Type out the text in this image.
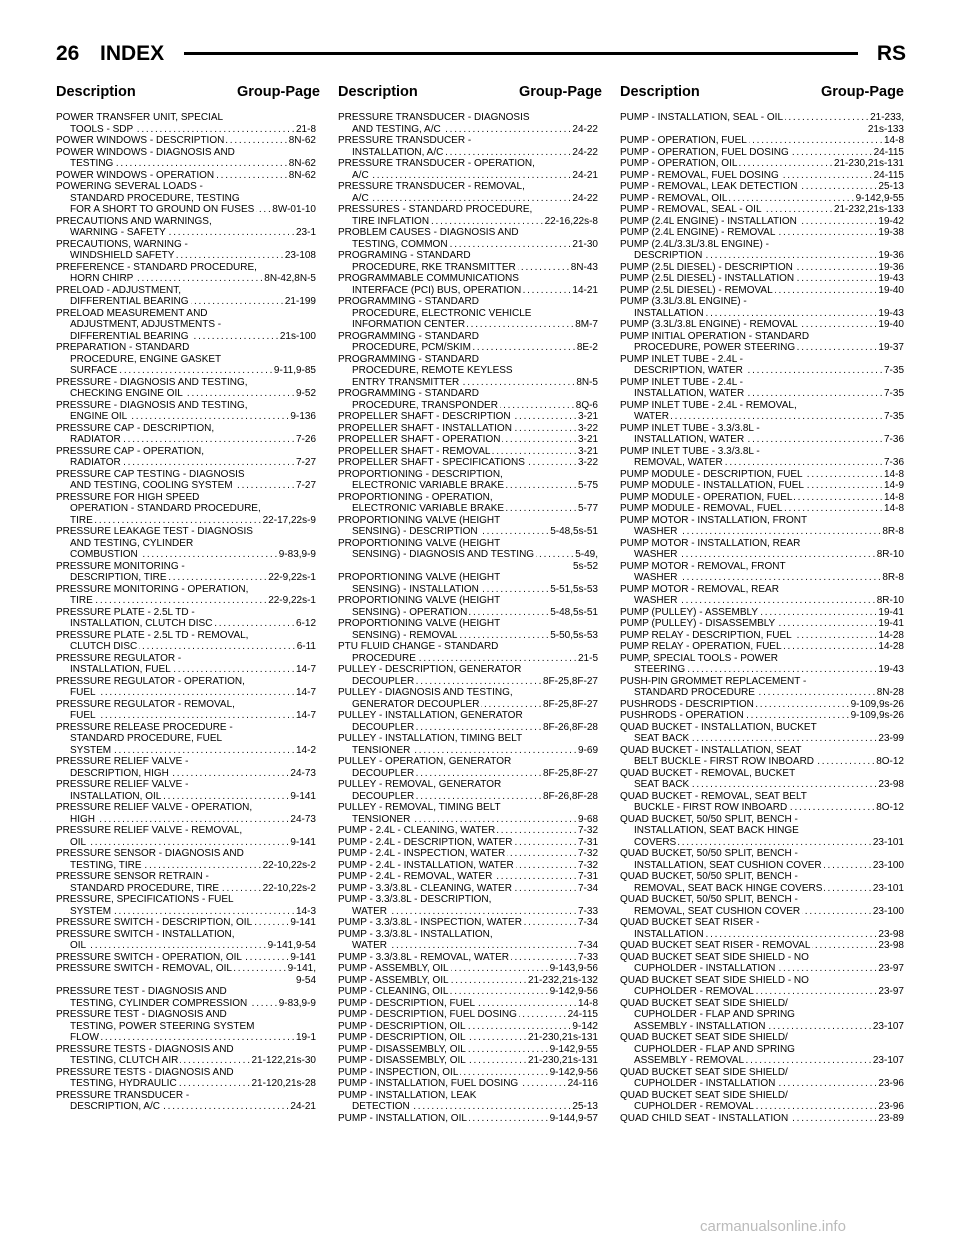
26 INDEX	RS
Description	Group-Page Description	Group-Page Description	Group-Page
POWER TRANSFER UNIT, SPECIAL
TOOLS - SDP . . .	21-8
POWER WINDOWS - DESCRIPTION . . .	8N-62
POWER WINDOWS - DIAGNOSIS AND
TESTING . . .	8N-62
POWER WINDOWS - OPERATION . . .	8N-62
POWERING SEVERAL LOADS -
STANDARD PROCEDURE, TESTING
FOR A SHORT TO GROUND ON FUSES . . . 8W-01-10
PRECAUTIONS AND WARNINGS,
WARNING - SAFETY . . .	23-1
PRECAUTIONS, WARNING -
WINDSHIELD SAFETY . . .	23-108
PREFERENCE - STANDARD PROCEDURE,
HORN CHIRP . . .	8N-42,8N-5
PRELOAD - ADJUSTMENT,
DIFFERENTIAL BEARING . . .	21-199
PRELOAD MEASUREMENT AND
ADJUSTMENT, ADJUSTMENTS -
DIFFERENTIAL BEARING . . .	21s-100
PREPARATION - STANDARD
PROCEDURE, ENGINE GASKET
SURFACE . . .	9-11,9-85
PRESSURE - DIAGNOSIS AND TESTING,
CHECKING ENGINE OIL . . .	9-52
PRESSURE - DIAGNOSIS AND TESTING,
ENGINE OIL . . .	9-136
PRESSURE CAP - DESCRIPTION,
RADIATOR . . .	7-26
PRESSURE CAP - OPERATION,
RADIATOR . . .	7-27
PRESSURE CAP TESTING - DIAGNOSIS
AND TESTING, COOLING SYSTEM . . .	7-27
PRESSURE FOR HIGH SPEED
OPERATION - STANDARD PROCEDURE,
TIRE . . .	22-17,22s-9
PRESSURE LEAKAGE TEST - DIAGNOSIS
AND TESTING, CYLINDER
COMBUSTION . . .	9-83,9-9
PRESSURE MONITORING -
DESCRIPTION, TIRE . . .	22-9,22s-1
PRESSURE MONITORING - OPERATION,
TIRE . . .	22-9,22s-1
PRESSURE PLATE - 2.5L TD -
INSTALLATION, CLUTCH DISC . . .	6-12
PRESSURE PLATE - 2.5L TD - REMOVAL,
CLUTCH DISC . . .	6-11
PRESSURE REGULATOR -
INSTALLATION, FUEL . . .	14-7
PRESSURE REGULATOR - OPERATION,
FUEL . . .	14-7
PRESSURE REGULATOR - REMOVAL,
FUEL . . .	14-7
PRESSURE RELEASE PROCEDURE -
STANDARD PROCEDURE, FUEL
SYSTEM . . .	14-2
PRESSURE RELIEF VALVE -
DESCRIPTION, HIGH . . .	24-73
PRESSURE RELIEF VALVE -
INSTALLATION, OIL . . .	9-141
PRESSURE RELIEF VALVE - OPERATION,
HIGH . . .	24-73
PRESSURE RELIEF VALVE - REMOVAL,
OIL . . .	9-141
PRESSURE SENSOR - DIAGNOSIS AND
TESTING, TIRE . . .	22-10,22s-2
PRESSURE SENSOR RETRAIN -
STANDARD PROCEDURE, TIRE . . .	22-10,22s-2
PRESSURE, SPECIFICATIONS - FUEL
SYSTEM . . .	14-3
PRESSURE SWITCH - DESCRIPTION, OIL . . .	9-141
PRESSURE SWITCH - INSTALLATION,
OIL . . .	9-141,9-54
PRESSURE SWITCH - OPERATION, OIL . . .	9-141
PRESSURE SWITCH - REMOVAL, OIL . . .	9-141,
9-54
PRESSURE TEST - DIAGNOSIS AND
TESTING, CYLINDER COMPRESSION . . .	9-83,9-9
PRESSURE TEST - DIAGNOSIS AND
TESTING, POWER STEERING SYSTEM
FLOW . . .	19-1
PRESSURE TESTS - DIAGNOSIS AND
TESTING, CLUTCH AIR . . .	21-122,21s-30
PRESSURE TESTS - DIAGNOSIS AND
TESTING, HYDRAULIC . . .	21-120,21s-28
PRESSURE TRANSDUCER -
DESCRIPTION, A/C . . .	24-21
PRESSURE TRANSDUCER - DIAGNOSIS
AND TESTING, A/C . . .	24-22
PRESSURE TRANSDUCER -
INSTALLATION, A/C . . .	24-22
PRESSURE TRANSDUCER - OPERATION,
A/C . . .	24-21
PRESSURE TRANSDUCER - REMOVAL,
A/C . . .	24-22
PRESSURES - STANDARD PROCEDURE,
TIRE INFLATION . . .	22-16,22s-8
PROBLEM CAUSES - DIAGNOSIS AND
TESTING, COMMON . . .	21-30
PROGRAMING - STANDARD
PROCEDURE, RKE TRANSMITTER . . .	8N-43
PROGRAMMABLE COMMUNICATIONS
INTERFACE (PCI) BUS, OPERATION . . .	14-21
PROGRAMMING - STANDARD
PROCEDURE, ELECTRONIC VEHICLE
INFORMATION CENTER . . .	8M-7
PROGRAMMING - STANDARD
PROCEDURE, PCM/SKIM . . .	8E-2
PROGRAMMING - STANDARD
PROCEDURE, REMOTE KEYLESS
ENTRY TRANSMITTER . . .	8N-5
PROGRAMMING - STANDARD
PROCEDURE, TRANSPONDER . . .	8Q-6
PROPELLER SHAFT - DESCRIPTION . . .	3-21
PROPELLER SHAFT - INSTALLATION . . .	3-22
PROPELLER SHAFT - OPERATION . . .	3-21
PROPELLER SHAFT - REMOVAL . . .	3-21
PROPELLER SHAFT - SPECIFICATIONS . . .	3-22
PROPORTIONING - DESCRIPTION,
ELECTRONIC VARIABLE BRAKE . . .	5-75
PROPORTIONING - OPERATION,
ELECTRONIC VARIABLE BRAKE . . .	5-77
PROPORTIONING VALVE (HEIGHT
SENSING) - DESCRIPTION . . .	5-48,5s-51
PROPORTIONING VALVE (HEIGHT
SENSING) - DIAGNOSIS AND TESTING . . .	5-49,
5s-52
PROPORTIONING VALVE (HEIGHT
SENSING) - INSTALLATION . . .	5-51,5s-53
PROPORTIONING VALVE (HEIGHT
SENSING) - OPERATION . . .	5-48,5s-51
PROPORTIONING VALVE (HEIGHT
SENSING) - REMOVAL . . .	5-50,5s-53
PTU FLUID CHANGE - STANDARD
PROCEDURE . . .	21-5
PULLEY - DESCRIPTION, GENERATOR
DECOUPLER . . .	8F-25,8F-27
PULLEY - DIAGNOSIS AND TESTING,
GENERATOR DECOUPLER . . .	8F-25,8F-27
PULLEY - INSTALLATION, GENERATOR
DECOUPLER . . .	8F-26,8F-28
PULLEY - INSTALLATION, TIMING BELT
TENSIONER . . .	9-69
PULLEY - OPERATION, GENERATOR
DECOUPLER . . .	8F-25,8F-27
PULLEY - REMOVAL, GENERATOR
DECOUPLER . . .	8F-26,8F-28
PULLEY - REMOVAL, TIMING BELT
TENSIONER . . .	9-68
PUMP - 2.4L - CLEANING, WATER . . .	7-32
PUMP - 2.4L - DESCRIPTION, WATER . . .	7-31
PUMP - 2.4L - INSPECTION, WATER . . .	7-32
PUMP - 2.4L - INSTALLATION, WATER . . .	7-32
PUMP - 2.4L - REMOVAL, WATER . . .	7-31
PUMP - 3.3/3.8L - CLEANING, WATER . . .	7-34
PUMP - 3.3/3.8L - DESCRIPTION,
WATER . . .	7-33
PUMP - 3.3/3.8L - INSPECTION, WATER . . .	7-34
PUMP - 3.3/3.8L - INSTALLATION,
WATER . . .	7-34
PUMP - 3.3/3.8L - REMOVAL, WATER . . .	7-33
PUMP - ASSEMBLY, OIL . . .	9-143,9-56
PUMP - ASSEMBLY, OIL . . .	21-232,21s-132
PUMP - CLEANING, OIL . . .	9-142,9-56
PUMP - DESCRIPTION, FUEL . . .	14-8
PUMP - DESCRIPTION, FUEL DOSING . . .	24-115
PUMP - DESCRIPTION, OIL . . .	9-142
PUMP - DESCRIPTION, OIL . . .	21-230,21s-131
PUMP - DISASSEMBLY, OIL . . .	9-142,9-55
PUMP - DISASSEMBLY, OIL . . .	21-230,21s-131
PUMP - INSPECTION, OIL . . .	9-142,9-56
PUMP - INSTALLATION, FUEL DOSING . . .	24-116
PUMP - INSTALLATION, LEAK
DETECTION . . .	25-13
PUMP - INSTALLATION, OIL . . .	9-144,9-57
PUMP - INSTALLATION, SEAL - OIL . . .	21-233,
21s-133
PUMP - OPERATION, FUEL . . .	14-8
PUMP - OPERATION, FUEL DOSING . . .	24-115
PUMP - OPERATION, OIL . . .	21-230,21s-131
PUMP - REMOVAL, FUEL DOSING . . .	24-115
PUMP - REMOVAL, LEAK DETECTION . . .	25-13
PUMP - REMOVAL, OIL . . .	9-142,9-55
PUMP - REMOVAL, SEAL - OIL . . .	21-232,21s-133
PUMP (2.4L ENGINE) - INSTALLATION . . .	19-42
PUMP (2.4L ENGINE) - REMOVAL . . .	19-38
PUMP (2.4L/3.3L/3.8L ENGINE) -
DESCRIPTION . . .	19-36
PUMP (2.5L DIESEL) - DESCRIPTION . . .	19-36
PUMP (2.5L DIESEL) - INSTALLATION . . .	19-43
PUMP (2.5L DIESEL) - REMOVAL . . .	19-40
PUMP (3.3L/3.8L ENGINE) -
INSTALLATION . . .	19-43
PUMP (3.3L/3.8L ENGINE) - REMOVAL . . .	19-40
PUMP INITIAL OPERATION - STANDARD
PROCEDURE, POWER STEERING . . .	19-37
PUMP INLET TUBE - 2.4L -
DESCRIPTION, WATER . . .	7-35
PUMP INLET TUBE - 2.4L -
INSTALLATION, WATER . . .	7-35
PUMP INLET TUBE - 2.4L - REMOVAL,
WATER . . .	7-35
PUMP INLET TUBE - 3.3/3.8L -
INSTALLATION, WATER . . .	7-36
PUMP INLET TUBE - 3.3/3.8L -
REMOVAL, WATER . . .	7-36
PUMP MODULE - DESCRIPTION, FUEL . . .	14-8
PUMP MODULE - INSTALLATION, FUEL . . .	14-9
PUMP MODULE - OPERATION, FUEL . . .	14-8
PUMP MODULE - REMOVAL, FUEL . . .	14-8
PUMP MOTOR - INSTALLATION, FRONT
WASHER . . .	8R-8
PUMP MOTOR - INSTALLATION, REAR
WASHER . . .	8R-10
PUMP MOTOR - REMOVAL, FRONT
WASHER . . .	8R-8
PUMP MOTOR - REMOVAL, REAR
WASHER . . .	8R-10
PUMP (PULLEY) - ASSEMBLY . . .	19-41
PUMP (PULLEY) - DISASSEMBLY . . .	19-41
PUMP RELAY - DESCRIPTION, FUEL . . .	14-28
PUMP RELAY - OPERATION, FUEL . . .	14-28
PUMP, SPECIAL TOOLS - POWER
STEERING . . .	19-43
PUSH-PIN GROMMET REPLACEMENT -
STANDARD PROCEDURE . . .	8N-28
PUSHRODS - DESCRIPTION . . .	9-109,9s-26
PUSHRODS - OPERATION . . .	9-109,9s-26
QUAD BUCKET - INSTALLATION, BUCKET
SEAT BACK . . .	23-99
QUAD BUCKET - INSTALLATION, SEAT
BELT BUCKLE - FIRST ROW INBOARD . . .	8O-12
QUAD BUCKET - REMOVAL, BUCKET
SEAT BACK . . .	23-98
QUAD BUCKET - REMOVAL, SEAT BELT
BUCKLE - FIRST ROW INBOARD . . .	8O-12
QUAD BUCKET, 50/50 SPLIT, BENCH -
INSTALLATION, SEAT BACK HINGE
COVERS . . .	23-101
QUAD BUCKET, 50/50 SPLIT, BENCH -
INSTALLATION, SEAT CUSHION COVER . . .	23-100
QUAD BUCKET, 50/50 SPLIT, BENCH -
REMOVAL, SEAT BACK HINGE COVERS . . .	23-101
QUAD BUCKET, 50/50 SPLIT, BENCH -
REMOVAL, SEAT CUSHION COVER . . .	23-100
QUAD BUCKET SEAT RISER -
INSTALLATION . . .	23-98
QUAD BUCKET SEAT RISER - REMOVAL . . .	23-98
QUAD BUCKET SEAT SIDE SHIELD - NO
CUPHOLDER - INSTALLATION . . .	23-97
QUAD BUCKET SEAT SIDE SHIELD - NO
CUPHOLDER - REMOVAL . . .	23-97
QUAD BUCKET SEAT SIDE SHIELD/
CUPHOLDER - FLAP AND SPRING
ASSEMBLY - INSTALLATION . . .	23-107
QUAD BUCKET SEAT SIDE SHIELD/
CUPHOLDER - FLAP AND SPRING
ASSEMBLY - REMOVAL . . .	23-107
QUAD BUCKET SEAT SIDE SHIELD/
CUPHOLDER - INSTALLATION . . .	23-96
QUAD BUCKET SEAT SIDE SHIELD/
CUPHOLDER - REMOVAL . . .	23-96
QUAD CHILD SEAT - INSTALLATION . . .	23-89
carmanualsonline.info
